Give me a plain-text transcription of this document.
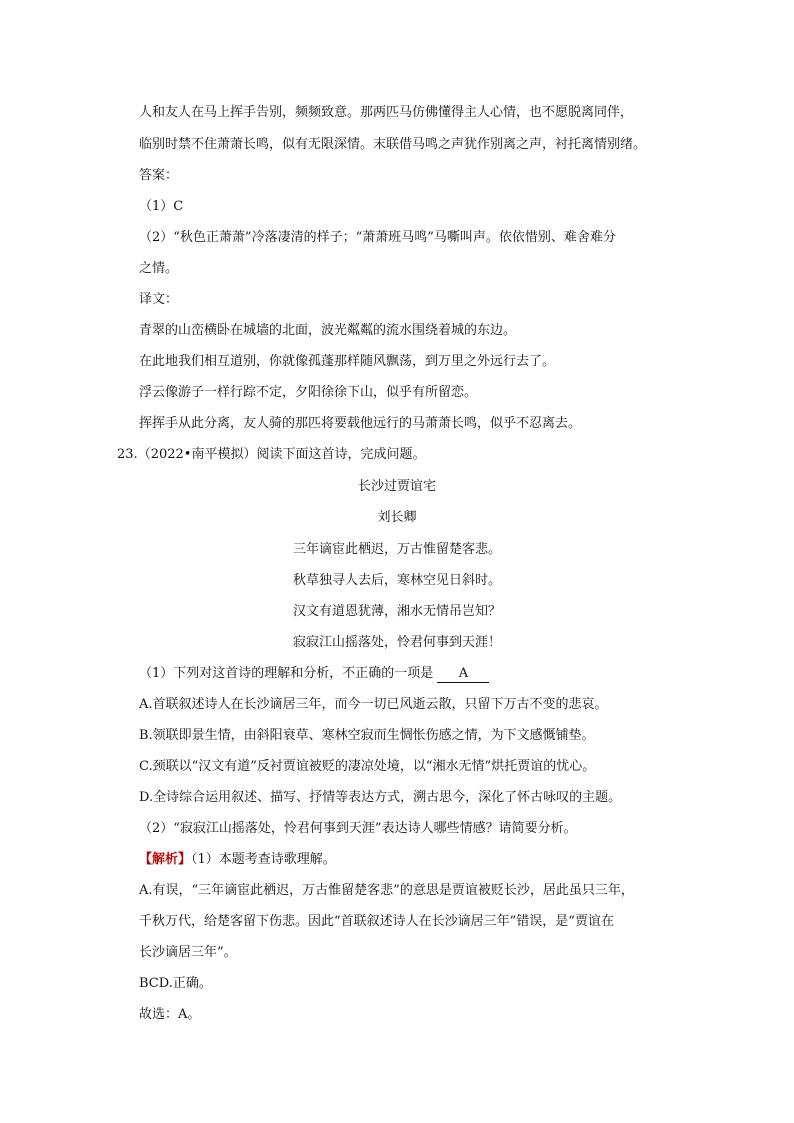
人和友人在马上挥手告别，频频致意。那两匹马仿佛懂得主人心情，也不愿脱离同伴，
临别时禁不住萧萧长鸣，似有无限深情。末联借马鸣之声犹作别离之声，衬托离情别绪。
答案：
（1）C
（2）“秋色正萧萧”冷落凄清的样子；“萧萧班马鸣”马嘶叫声。依依惜别、难舍难分
之情。
译文：
青翠的山峦横卧在城墙的北面，波光粼粼的流水围绕着城的东边。
在此地我们相互道别，你就像孤蓬那样随风飘荡，到万里之外远行去了。
浮云像游子一样行踪不定，夕阳徐徐下山，似乎有所留恋。
挥挥手从此分离，友人骑的那匹将要载他远行的马萧萧长鸣，似乎不忍离去。
23.（2022•南平模拟）阅读下面这首诗，完成问题。
长沙过贾谊宅
刘长卿
三年谪宦此栖迟，万古惟留楚客悲。
秋草独寻人去后，寒林空见日斜时。
汉文有道恩犹薄，湘水无情吊岂知？
寂寂江山摇落处，怜君何事到天涯！
（1）下列对这首诗的理解和分析，不正确的一项是 A
A.首联叙述诗人在长沙谪居三年，而今一切已风逝云散，只留下万古不变的悲哀。
B.领联即景生情，由斜阳衰草、寒林空寂而生惆怅伤感之情，为下文感慨铺垫。
C.颈联以“汉文有道”反衬贾谊被贬的凄凉处境，以“湘水无情”烘托贾谊的忧心。
D.全诗综合运用叙述、描写、抒情等表达方式，溯古思今，深化了怀古咏叹的主题。
（2）“寂寂江山摇落处，怜君何事到天涯”表达诗人哪些情感？请简要分析。
【解析】（1）本题考查诗歌理解。
A.有误，“三年谪宦此栖迟，万古惟留楚客悲”的意思是贾谊被贬长沙，居此虽只三年，
千秋万代，给楚客留下伤悲。因此“首联叙述诗人在长沙谪居三年”错误，是“贾谊在
长沙谪居三年”。
BCD.正确。
故选：A。
